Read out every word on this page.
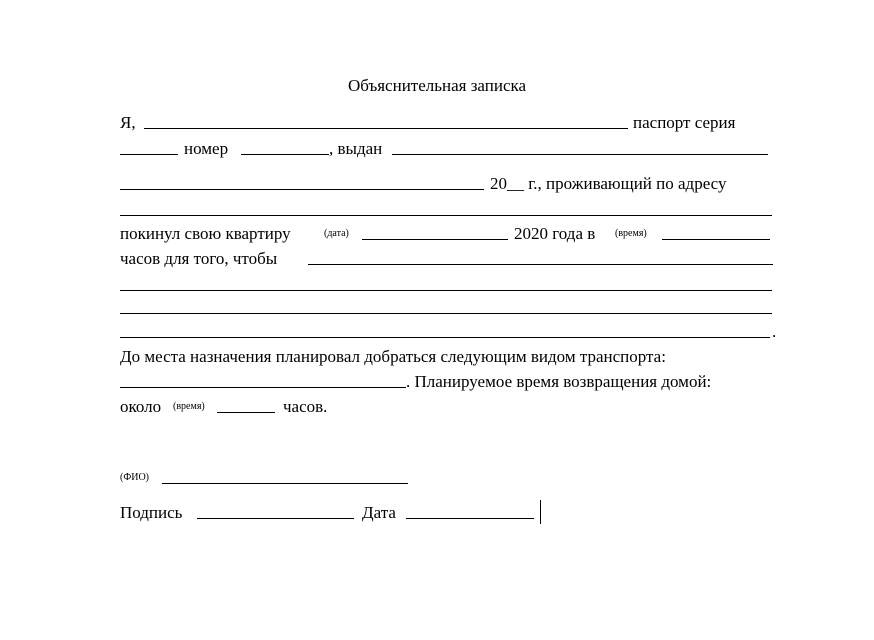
Объяснительная записка
Я,	паспорт серия
номер	, выдан
20__ г., проживающий по адресу
покинул свою квартиру	(дата)	2020 года в (время)
часов для того, чтобы
.
До места назначения планировал добраться следующим видом транспорта:
. Планируемое время возвращения домой:
около (время)	часов.
(ФИО)
Подпись	Дата
